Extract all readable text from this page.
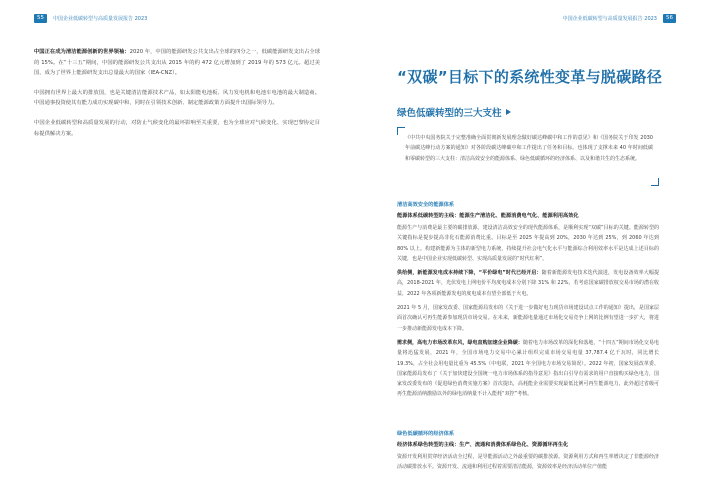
55	中国企业低碳转型与高质量发展报告 2023	中国企业低碳转型与高质量发展报告 2023	56

中国正在成为清洁能源创新的世界领袖：2020 年，中国的能源研发公共支出占全球的四分之一，低碳能源研发支出占全球的 15%。在“十三五”期间，中国的能源研发公共支出从 2015 年的约 472 亿元增加到了 2019 年的 573 亿元。超过美国，成为了世界上能源研发支出总量最大的国家（IEA-CNZ）。

中国拥有世界上最大的排放国，也是关键清洁能源技术产品，如太阳能电池板、风力发电机和电池车电池的最大制造商。中国通事投资使其有能力成功实现碳中和，同时在引领技术创新、制定能源政策方面提升出国际领导力。

中国企业低碳转型和高质量发展的行动，对防止气候变化的最坏影响至关重要，也为全球应对气候变化、实现巴黎协定目标提供解决方案。

“双碳”目标下的系统性变革与脱碳路径
绿色低碳转型的三大支柱

《中共中央国务院关于完整准确全面贯彻新发展理念做好碳达峰碳中和工作的意见》和《国务院关于印发 2030 年前碳达峰行动方案的通知》对各阶段碳达峰碳中和工作提出了任务和目标。也体现了支撑未来 40 年时间低碳和零碳转型的三大支柱：清洁高效安全的能源体系、绿色低碳循环的经济体系、以及和谐共生的生态系统。

清洁高效安全的能源体系

能源体系低碳转型的主线：能源生产清洁化、能源消费电气化、能源利用高效化

能源生产与消费是最主要的碳排放源。建设清洁高效安全的现代能源体系，是顺利实现“双碳”目标的关键。能源转型的关键指标是提步提高非化石能源消费比重。目标是至 2025 年提高到 20%，2030 年达到 25%，到 2060 年达到 80% 以上。构建新能源为主体的新型电力系统，持续提升社会电气化水平与能源综合利用效率水平是达成上述目标的关键，也是中国企业实现低碳转型、实现高质量发展的“时代红利”。

供给侧，新能源发电成本持续下降，“平价绿电”时代已经开启：随着新能源发电技术迭代演进，发电设备效率大幅提高，2018-2021 年，光伏发电上网电价平均度电成本分别下降 31% 和 22%，若考虑国家碳排放权交易市场的潜在收益，2022 年各项新能源发电的度电成本有望全部低于火电。

2021 年 5 月，国家发改委、国家能源局发布的《关于进一步做好电力现货市场建设试点工作的通知》提出，是国家层面首次确认可再生能源参加现货市场交易。在未来，新能源电量通过市场化交易竞争上网的比例有望进一步扩大，将进一步推动新能源发电成本下降。

需求侧，高电力市场改革东风，绿电直购加速企业降碳：随着电力市场改革的深化和落地，“十四五”期间市场化交易电量将迅猛发展，2021 年，全国市场电力交易中心累计组织完成市场交易电量 37,787.4 亿千瓦时，同比增长 19.3%，占全社会用电量比重为 45.5%（中电联，2021 年全国电力市场交易简况）。2022 年初，国家发展改革委、国家能源局发布了《关于加快建设全国统一电力市场体系的指导意见》指出白引导有需求的用户直接购买绿色电力，国家发改委发布的《促进绿色消费实施方案》首次提出，高耗能企业需要实现最低比例可再生能源电力，此外超过省级可再生能源消纳激励以外的绿电消纳量不计入能耗“双控”考核。

绿色低碳循环的经济体系

经济体系绿色转型的主线：生产、流通和消费体系绿色化、资源循环再生化

资源开发利用贯穿经济活动全过程，是导能源活动之外最重要的碳排放源。资源利用方式和再生率增决定了非能源经济活动碳排放水平。资源开发、流通和利用过程着需要清洁能源，资源效率是经济活动单位产值能
